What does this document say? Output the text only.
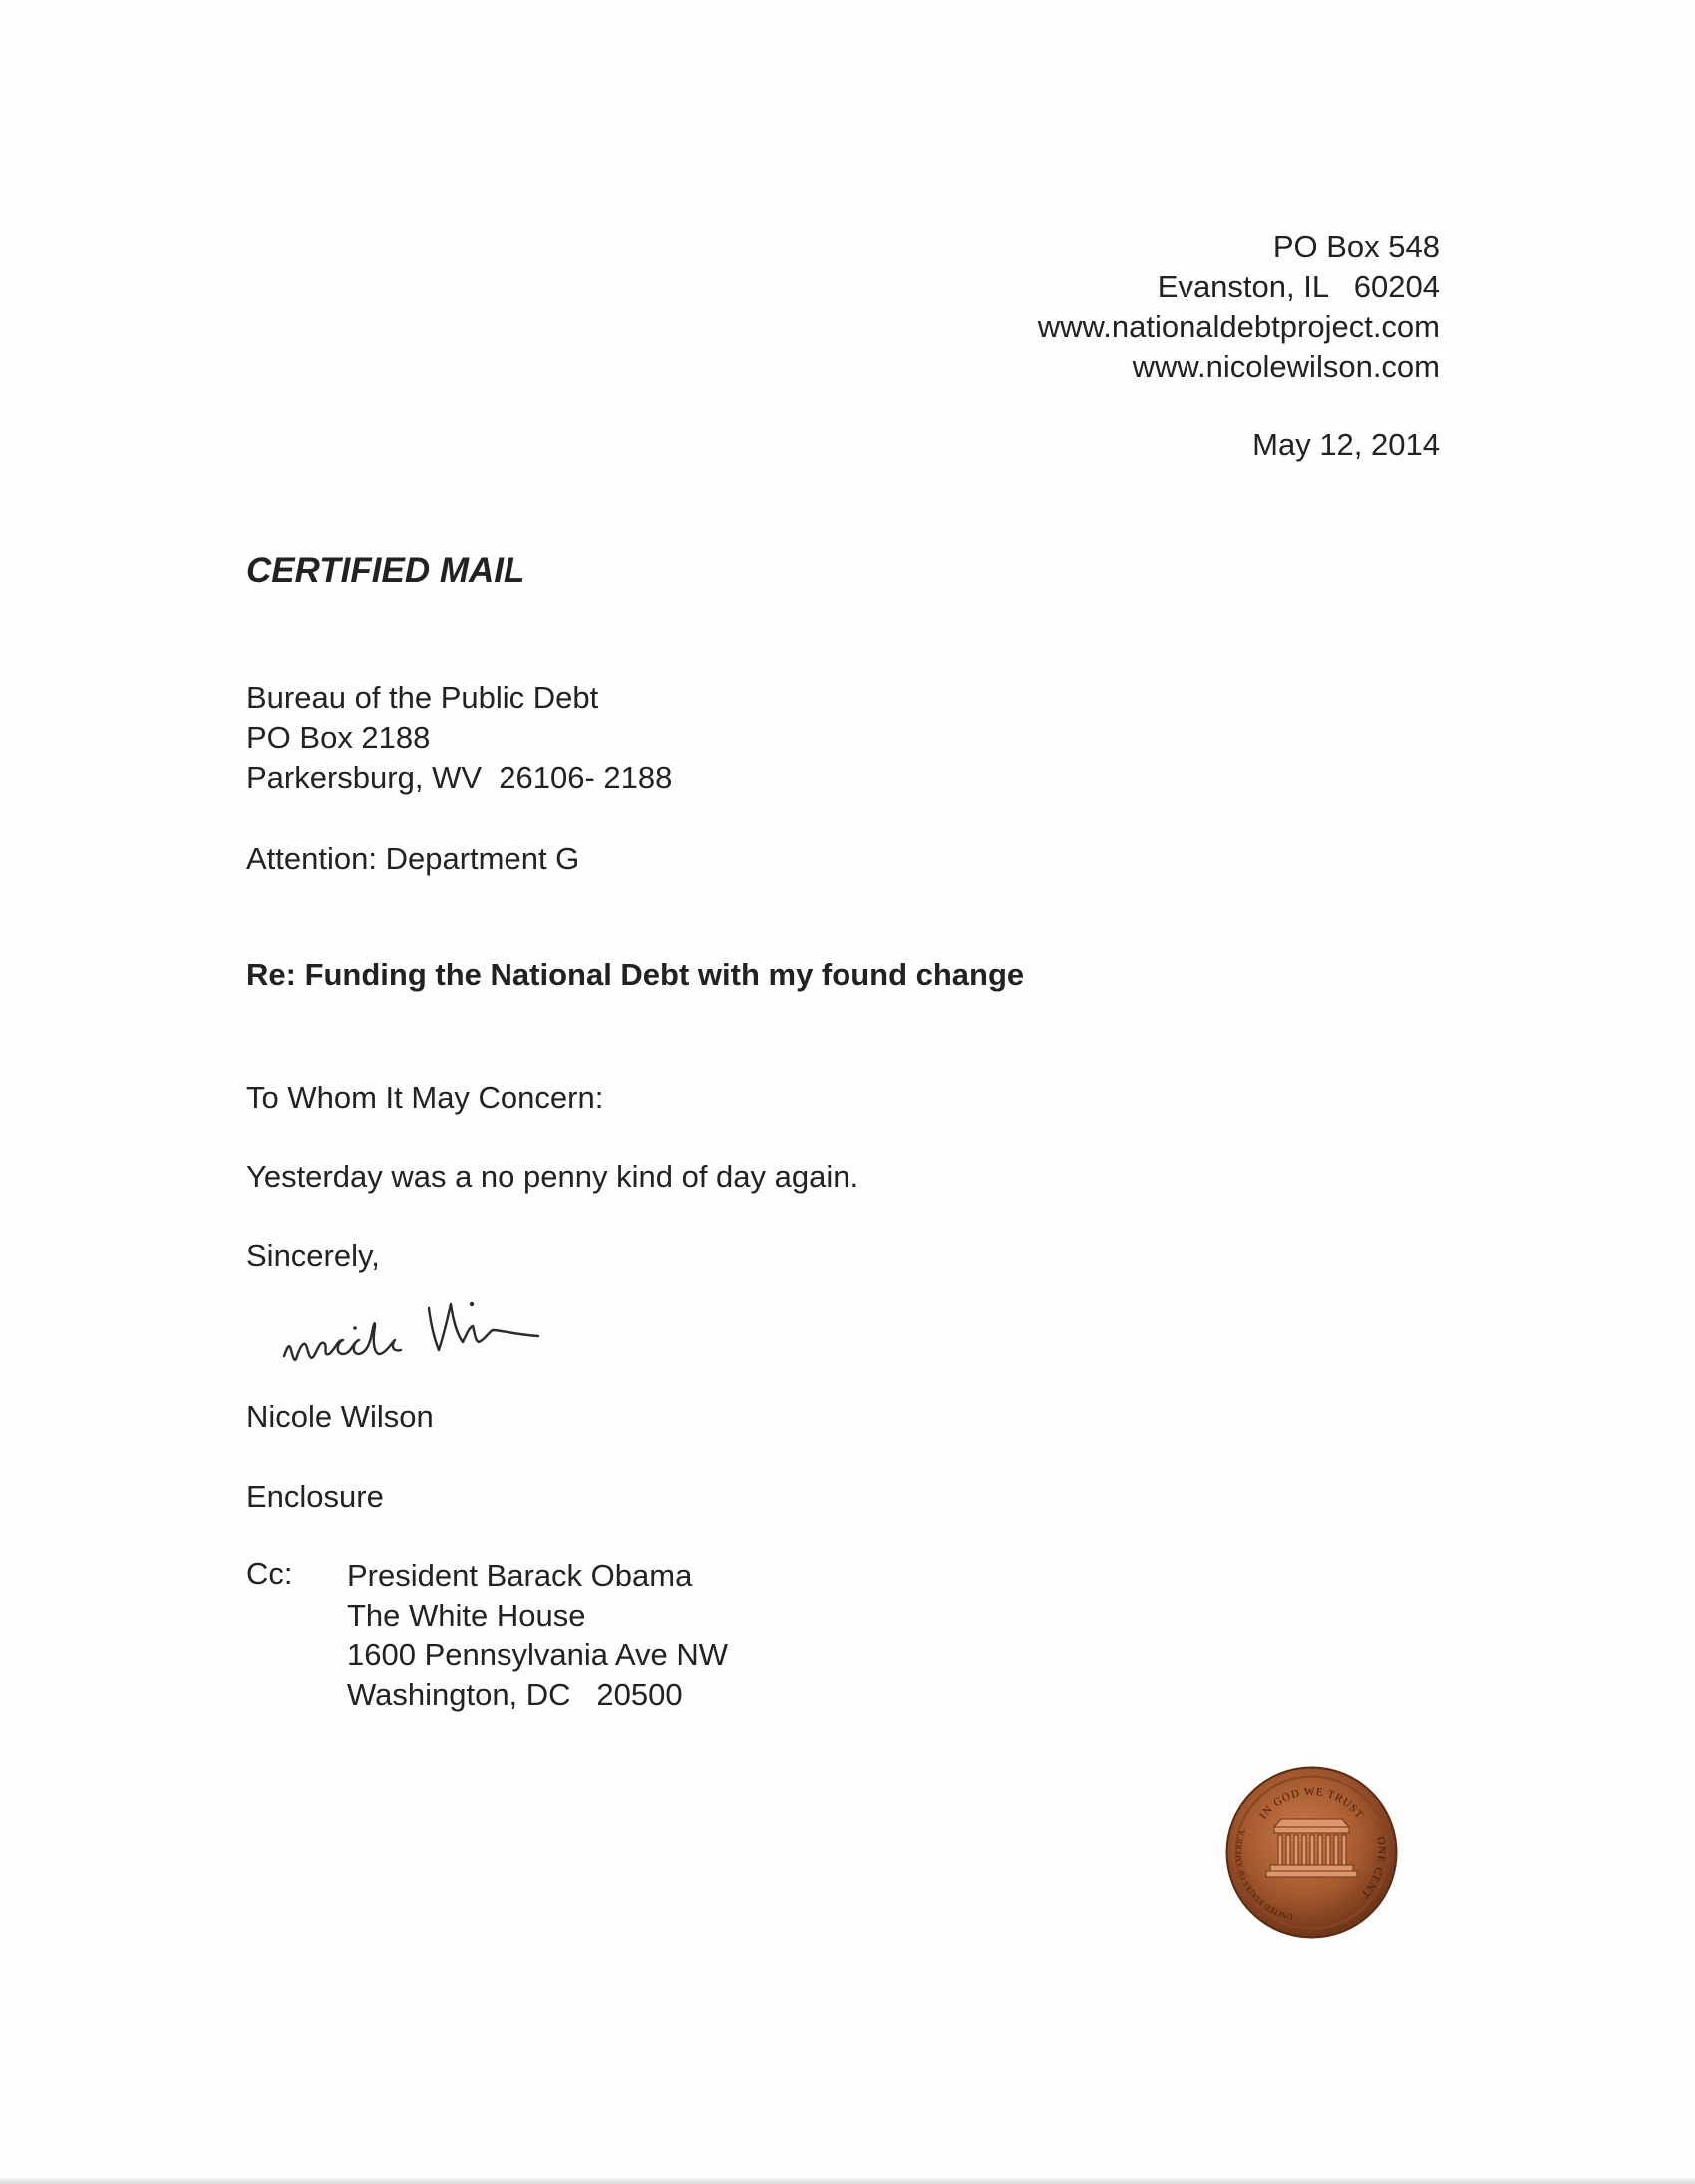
PO Box 548
Evanston, IL   60204
www.nationaldebtproject.com
www.nicolewilson.com
May 12, 2014
CERTIFIED MAIL
Bureau of the Public Debt
PO Box 2188
Parkersburg, WV  26106- 2188
Attention: Department G
Re: Funding the National Debt with my found change
To Whom It May Concern:
Yesterday was a no penny kind of day again.
Sincerely,
Nicole Wilson
Enclosure
Cc: President Barack Obama
The White House
1600 Pennsylvania Ave NW
Washington, DC   20500
IN GOD WE TRUST
UNITED STATES OF AMERICA
ONE CENT
